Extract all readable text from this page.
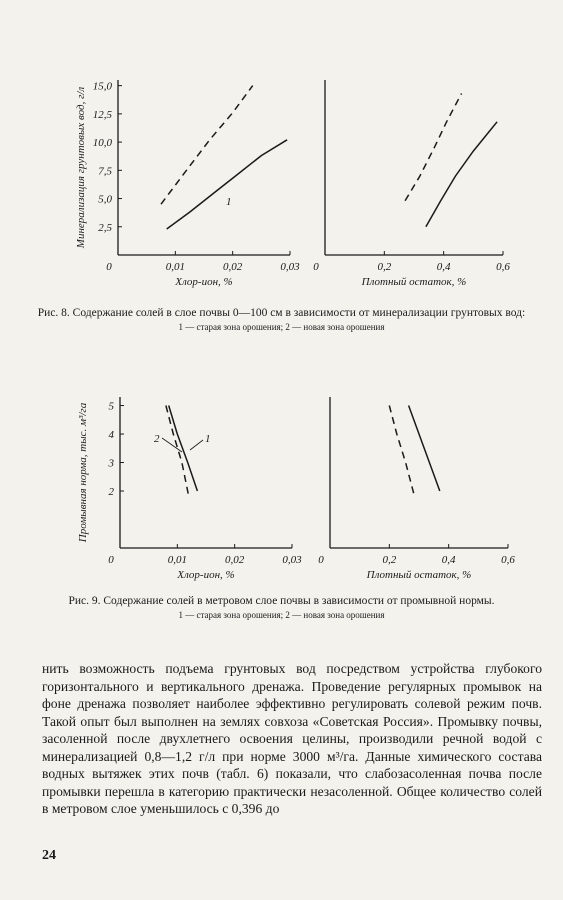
0	0,01	0,02	0,03
2,5
5,0
7,5
10,0
12,5
15,0
Хлор-ион, %
Минерализация грунтовых вод, г/л
0	0,2	0,4	0,6
Плотный остаток, %
0	0,01	0,02	0,03
2
3
4
5
Хлор-ион, %
Промывная норма, тыс. м³/га
0	0,2	0,4	0,6
Плотный остаток, %
1
1
2
Рис. 8. Содержание солей в слое почвы 0—100 см в зависимости от минерализации грунтовых вод:
1 — старая зона орошения; 2 — новая зона орошения
Рис. 9. Содержание солей в метровом слое почвы в зависимости от промывной нормы.
1 — старая зона орошения; 2 — новая зона орошения

нить возможность подъема грунтовых вод посредством устройства глубокого горизонтального и вертикального дренажа. Проведение регулярных промывок на фоне дренажа позволяет наиболее эффективно регулировать солевой режим почв. Такой опыт был выполнен на землях совхоза «Советская Россия». Промывку почвы, засоленной после двухлетнего освоения целины, производили речной водой с минерализацией 0,8—1,2 г/л при норме 3000 м³/га. Данные химического состава водных вытяжек этих почв (табл. 6) показали, что слабозасоленная почва после промывки перешла в категорию практически незасоленной. Общее количество солей в метровом слое уменьшилось с 0,396 до

24
